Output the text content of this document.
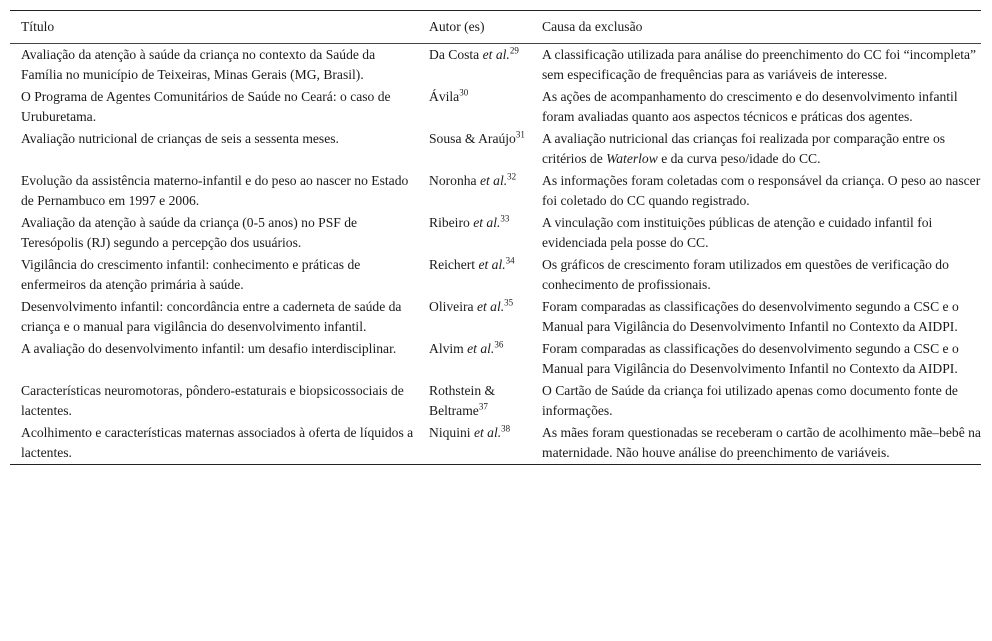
Título	Autor (es)	Causa da exclusão
Avaliação da atenção à saúde da criança no contexto da Saúde da Família no município de Teixeiras, Minas Gerais (MG, Brasil).	Da Costa et al.$^{29}$	A classificação utilizada para análise do preenchimento do CC foi “incompleta” sem especificação de frequências para as variáveis de interesse.
O Programa de Agentes Comunitários de Saúde no Ceará: o caso de Uruburetama.	Ávila$^{30}$	As ações de acompanhamento do crescimento e do desenvolvimento infantil foram avaliadas quanto aos aspectos técnicos e práticas dos agentes.
Avaliação nutricional de crianças de seis a sessenta meses.	Sousa & Araújo$^{31}$	A avaliação nutricional das crianças foi realizada por comparação entre os critérios de Waterlow e da curva peso/idade do CC.
Evolução da assistência materno-infantil e do peso ao nascer no Estado de Pernambuco em 1997 e 2006.	Noronha et al.$^{32}$	As informações foram coletadas com o responsável da criança. O peso ao nascer foi coletado do CC quando registrado.
Avaliação da atenção à saúde da criança (0-5 anos) no PSF de Teresópolis (RJ) segundo a percepção dos usuários.	Ribeiro et al.$^{33}$	A vinculação com instituições públicas de atenção e cuidado infantil foi evidenciada pela posse do CC.
Vigilância do crescimento infantil: conhecimento e práticas de enfermeiros da atenção primária à saúde.	Reichert et al.$^{34}$	Os gráficos de crescimento foram utilizados em questões de verificação do conhecimento de profissionais.
Desenvolvimento infantil: concordância entre a caderneta de saúde da criança e o manual para vigilância do desenvolvimento infantil.	Oliveira et al.$^{35}$	Foram comparadas as classificações do desenvolvimento segundo a CSC e o Manual para Vigilância do Desenvolvimento Infantil no Contexto da AIDPI.
A avaliação do desenvolvimento infantil: um desafio interdisciplinar.	Alvim et al.$^{36}$	Foram comparadas as classificações do desenvolvimento segundo a CSC e o Manual para Vigilância do Desenvolvimento Infantil no Contexto da AIDPI.
Características neuromotoras, pôndero-estaturais e biopsicossociais de lactentes.	Rothstein & Beltrame$^{37}$	O Cartão de Saúde da criança foi utilizado apenas como documento fonte de informações.
Acolhimento e características maternas associados à oferta de líquidos a lactentes.	Niquini et al.$^{38}$	As mães foram questionadas se receberam o cartão de acolhimento mãe–bebê na maternidade. Não houve análise do preenchimento de variáveis.
